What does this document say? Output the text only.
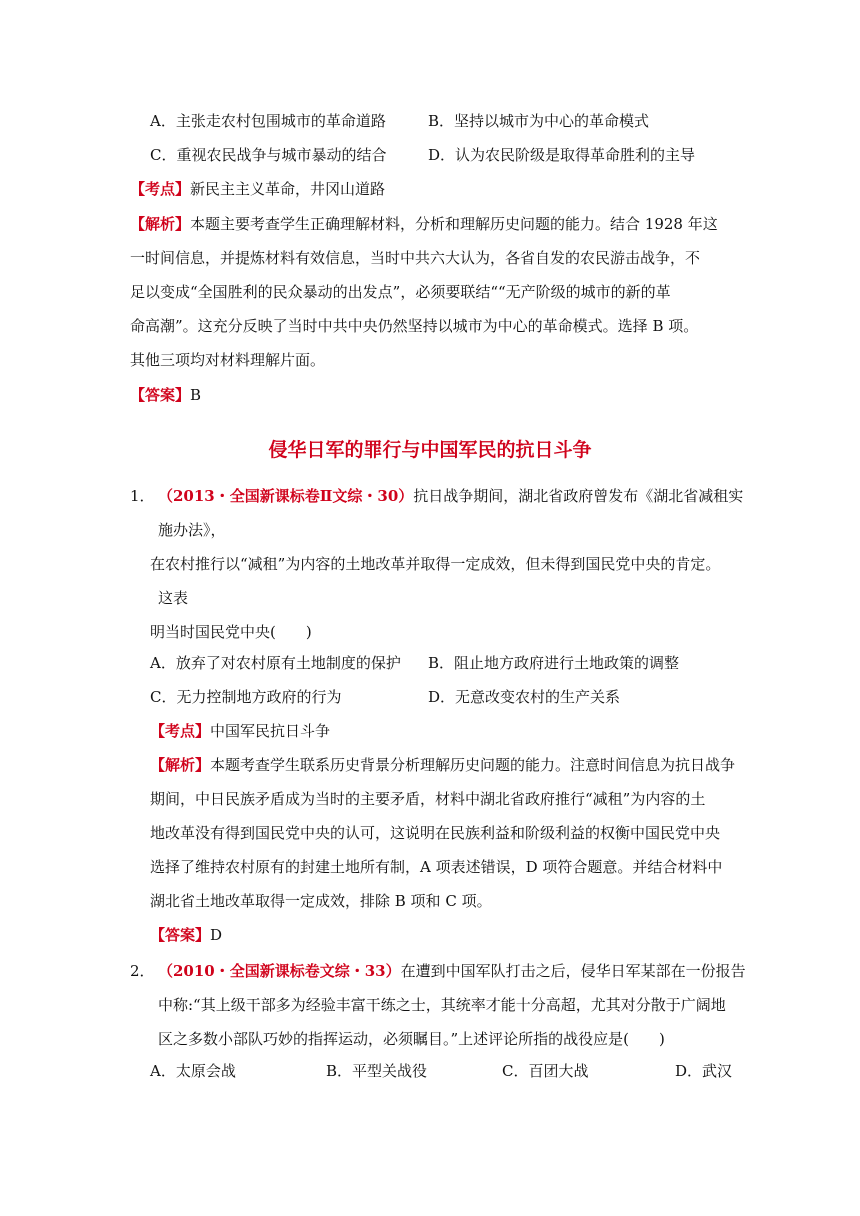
A．主张走农村包围城市的革命道路	B．坚持以城市为中心的革命模式
C．重视农民战争与城市暴动的结合	D．认为农民阶级是取得革命胜利的主导
【考点】新民主主义革命，井冈山道路
【解析】本题主要考查学生正确理解材料，分析和理解历史问题的能力。结合 1928 年这
一时间信息，并提炼材料有效信息，当时中共六大认为，各省自发的农民游击战争，不
足以变成“全国胜利的民众暴动的出发点”，必须要联结““无产阶级的城市的新的革
命高潮”。这充分反映了当时中共中央仍然坚持以城市为中心的革命模式。选择 B 项。
其他三项均对材料理解片面。
【答案】B
侵华日军的罪行与中国军民的抗日斗争
1． （2013・全国新课标卷Ⅱ文综・30）抗日战争期间，湖北省政府曾发布《湖北省减租实
施办法》，
在农村推行以“减租”为内容的土地改革并取得一定成效，但未得到国民党中央的肯定。
这表
明当时国民党中央(　　)
A．放弃了对农村原有土地制度的保护 B．阻止地方政府进行土地政策的调整
C．无力控制地方政府的行为	D．无意改变农村的生产关系
【考点】中国军民抗日斗争
【解析】本题考查学生联系历史背景分析理解历史问题的能力。注意时间信息为抗日战争
期间，中日民族矛盾成为当时的主要矛盾，材料中湖北省政府推行“减租”为内容的土
地改革没有得到国民党中央的认可，这说明在民族利益和阶级利益的权衡中国民党中央
选择了维持农村原有的封建土地所有制，A 项表述错误，D 项符合题意。并结合材料中
湖北省土地改革取得一定成效，排除 B 项和 C 项。
【答案】D
2． （2010・全国新课标卷文综・33）在遭到中国军队打击之后，侵华日军某部在一份报告
中称:“其上级干部多为经验丰富干练之士，其统率才能十分高超，尤其对分散于广阔地
区之多数小部队巧妙的指挥运动，必须瞩目。”上述评论所指的战役应是(　　)
A．太原会战	B．平型关战役	C．百团大战	D．武汉
